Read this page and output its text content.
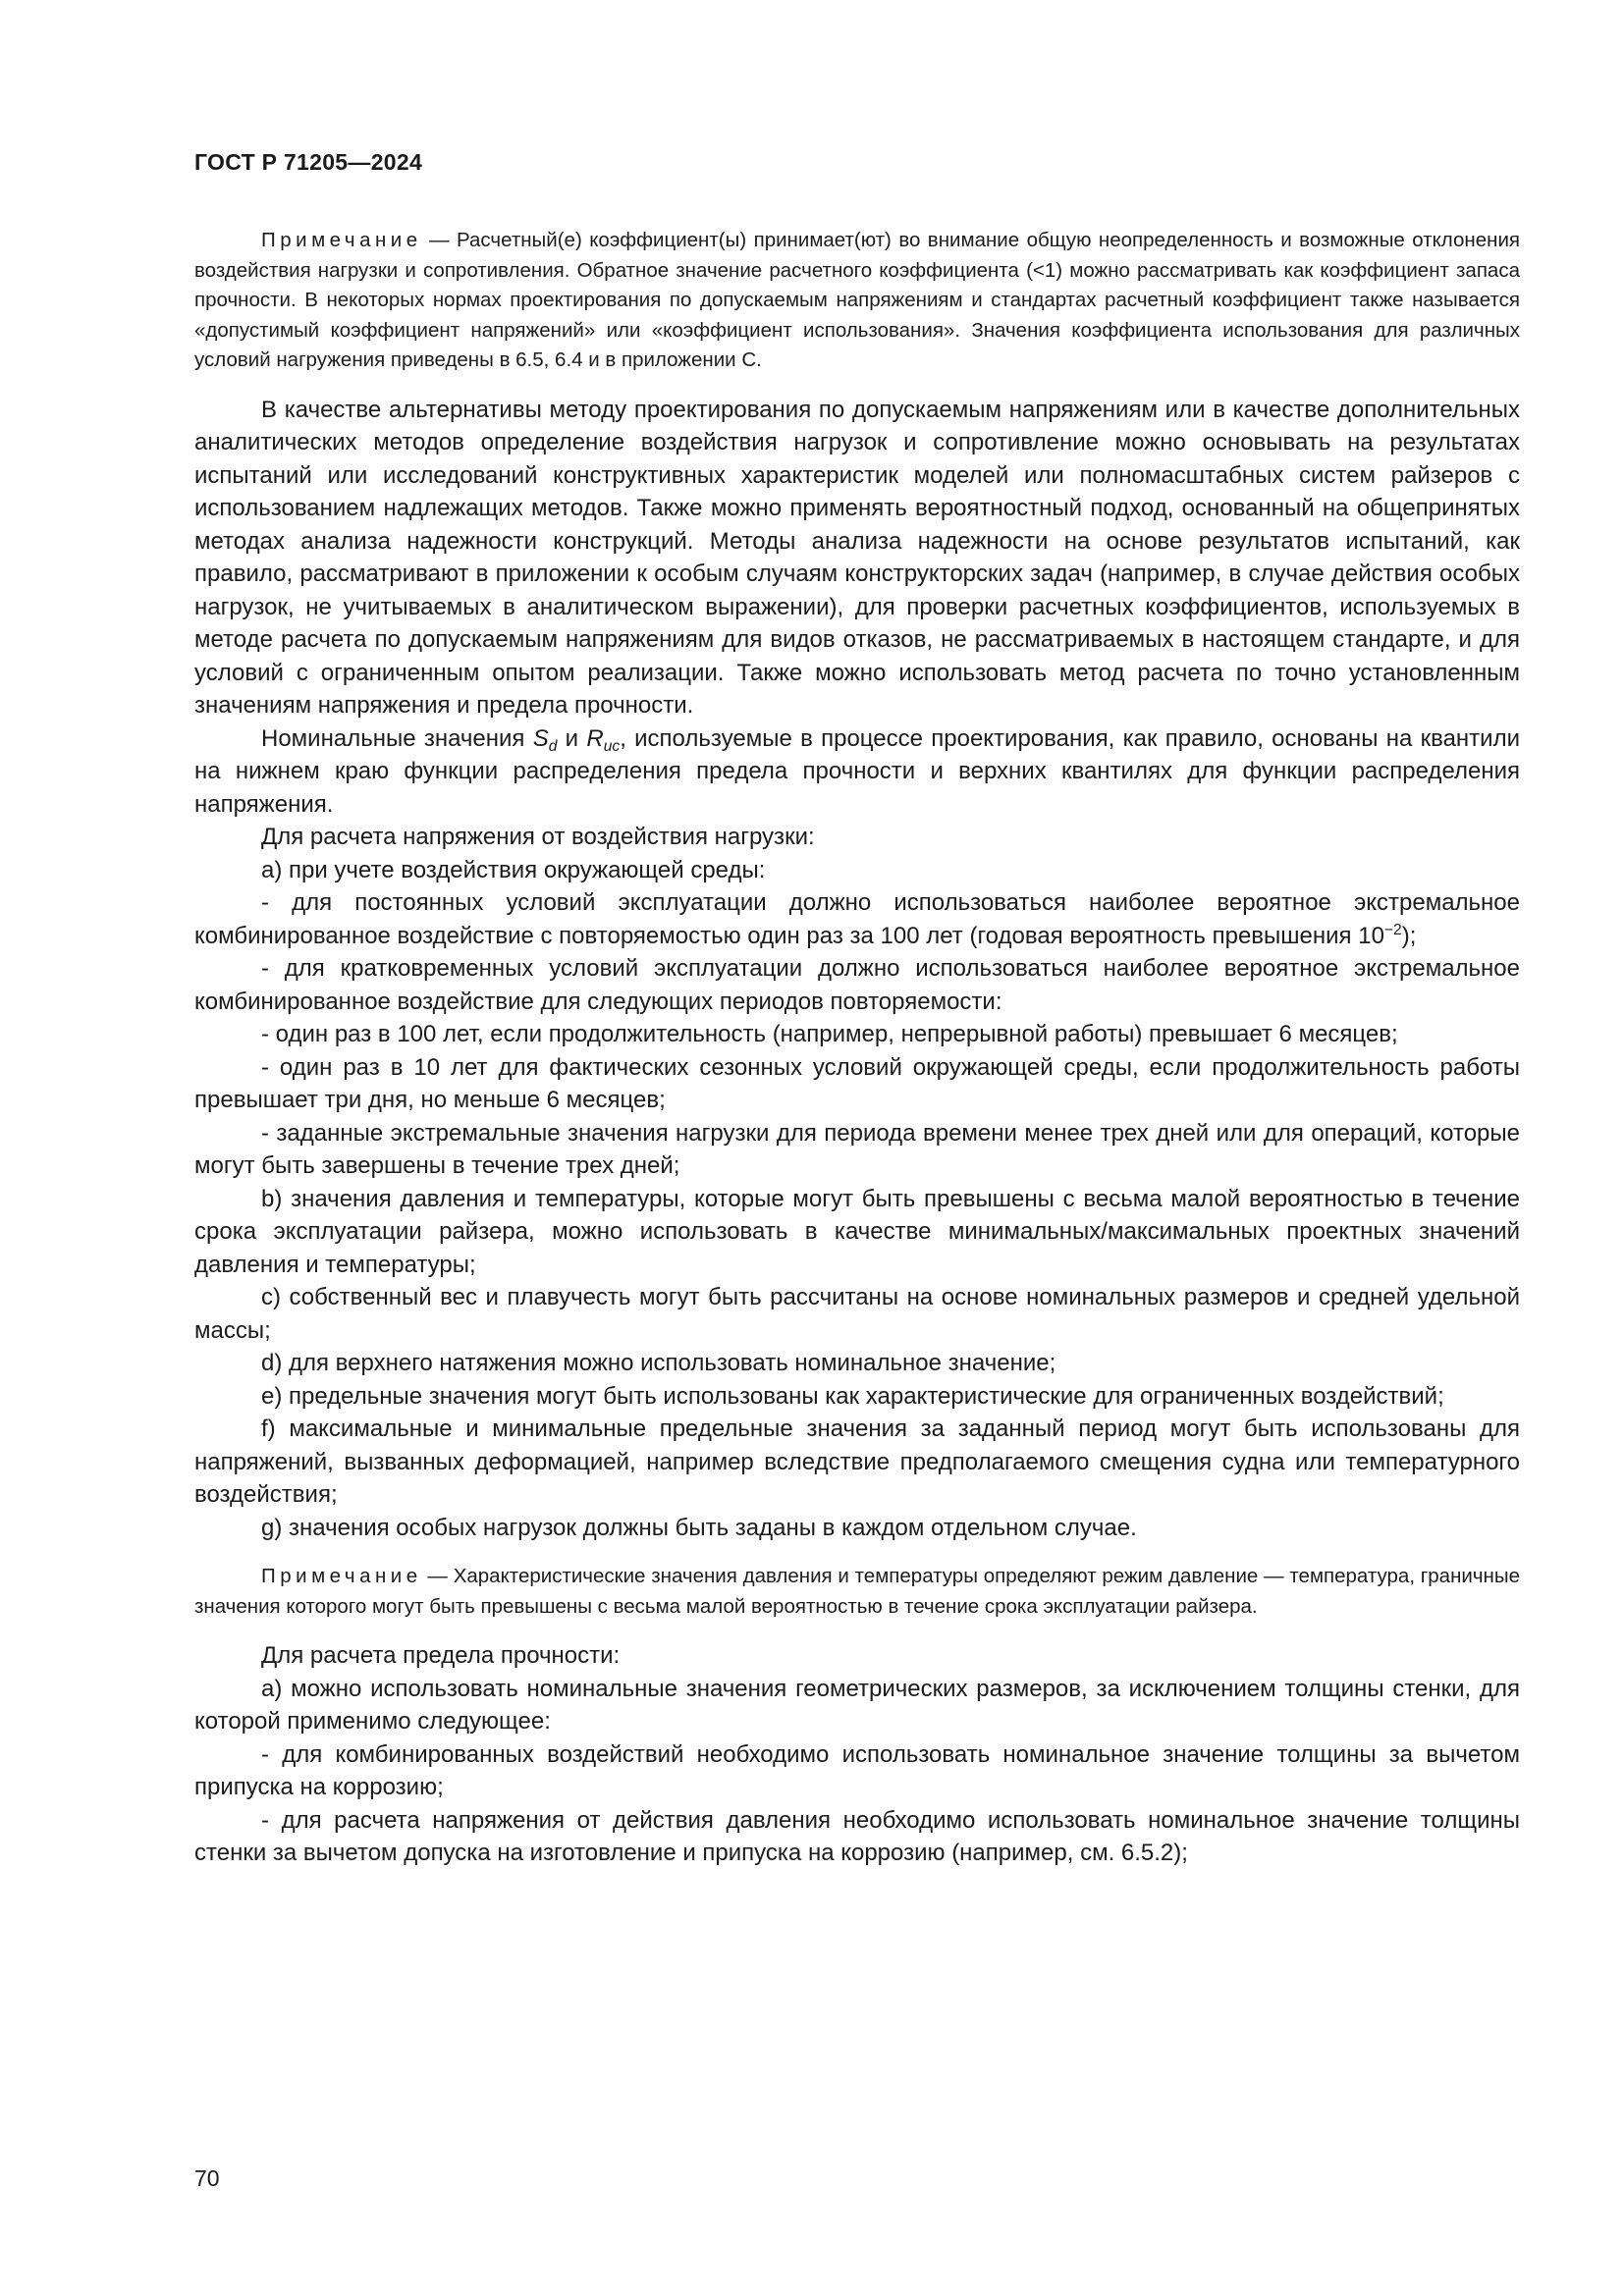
ГОСТ Р 71205—2024

Примечание — Расчетный(е) коэффициент(ы) принимает(ют) во внимание общую неопределенность и возможные отклонения воздействия нагрузки и сопротивления. Обратное значение расчетного коэффициента (<1) можно рассматривать как коэффициент запаса прочности. В некоторых нормах проектирования по допускаемым напряжениям и стандартах расчетный коэффициент также называется «допустимый коэффициент напряжений» или «коэффициент использования». Значения коэффициента использования для различных условий нагружения приведены в 6.5, 6.4 и в приложении С.

В качестве альтернативы методу проектирования по допускаемым напряжениям или в качестве дополнительных аналитических методов определение воздействия нагрузок и сопротивление можно основывать на результатах испытаний или исследований конструктивных характеристик моделей или полномасштабных систем райзеров с использованием надлежащих методов. Также можно применять вероятностный подход, основанный на общепринятых методах анализа надежности конструкций. Методы анализа надежности на основе результатов испытаний, как правило, рассматривают в приложении к особым случаям конструкторских задач (например, в случае действия особых нагрузок, не учитываемых в аналитическом выражении), для проверки расчетных коэффициентов, используемых в методе расчета по допускаемым напряжениям для видов отказов, не рассматриваемых в настоящем стандарте, и для условий с ограниченным опытом реализации. Также можно использовать метод расчета по точно установленным значениям напряжения и предела прочности.

Номинальные значения $S_d$ и $R_{uc}$, используемые в процессе проектирования, как правило, основаны на квантили на нижнем краю функции распределения предела прочности и верхних квантилях для функции распределения напряжения.

Для расчета напряжения от воздействия нагрузки:

а) при учете воздействия окружающей среды:

- для постоянных условий эксплуатации должно использоваться наиболее вероятное экстремальное комбинированное воздействие с повторяемостью один раз за 100 лет (годовая вероятность превышения $10^{-2}$);

- для кратковременных условий эксплуатации должно использоваться наиболее вероятное экстремальное комбинированное воздействие для следующих периодов повторяемости:

- один раз в 100 лет, если продолжительность (например, непрерывной работы) превышает 6 месяцев;

- один раз в 10 лет для фактических сезонных условий окружающей среды, если продолжительность работы превышает три дня, но меньше 6 месяцев;

- заданные экстремальные значения нагрузки для периода времени менее трех дней или для операций, которые могут быть завершены в течение трех дней;

b) значения давления и температуры, которые могут быть превышены с весьма малой вероятностью в течение срока эксплуатации райзера, можно использовать в качестве минимальных/максимальных проектных значений давления и температуры;

c) собственный вес и плавучесть могут быть рассчитаны на основе номинальных размеров и средней удельной массы;

d) для верхнего натяжения можно использовать номинальное значение;

e) предельные значения могут быть использованы как характеристические для ограниченных воздействий;

f) максимальные и минимальные предельные значения за заданный период могут быть использованы для напряжений, вызванных деформацией, например вследствие предполагаемого смещения судна или температурного воздействия;

g) значения особых нагрузок должны быть заданы в каждом отдельном случае.

Примечание — Характеристические значения давления и температуры определяют режим давление — температура, граничные значения которого могут быть превышены с весьма малой вероятностью в течение срока эксплуатации райзера.

Для расчета предела прочности:

а) можно использовать номинальные значения геометрических размеров, за исключением толщины стенки, для которой применимо следующее:

- для комбинированных воздействий необходимо использовать номинальное значение толщины за вычетом припуска на коррозию;

- для расчета напряжения от действия давления необходимо использовать номинальное значение толщины стенки за вычетом допуска на изготовление и припуска на коррозию (например, см. 6.5.2);

70
